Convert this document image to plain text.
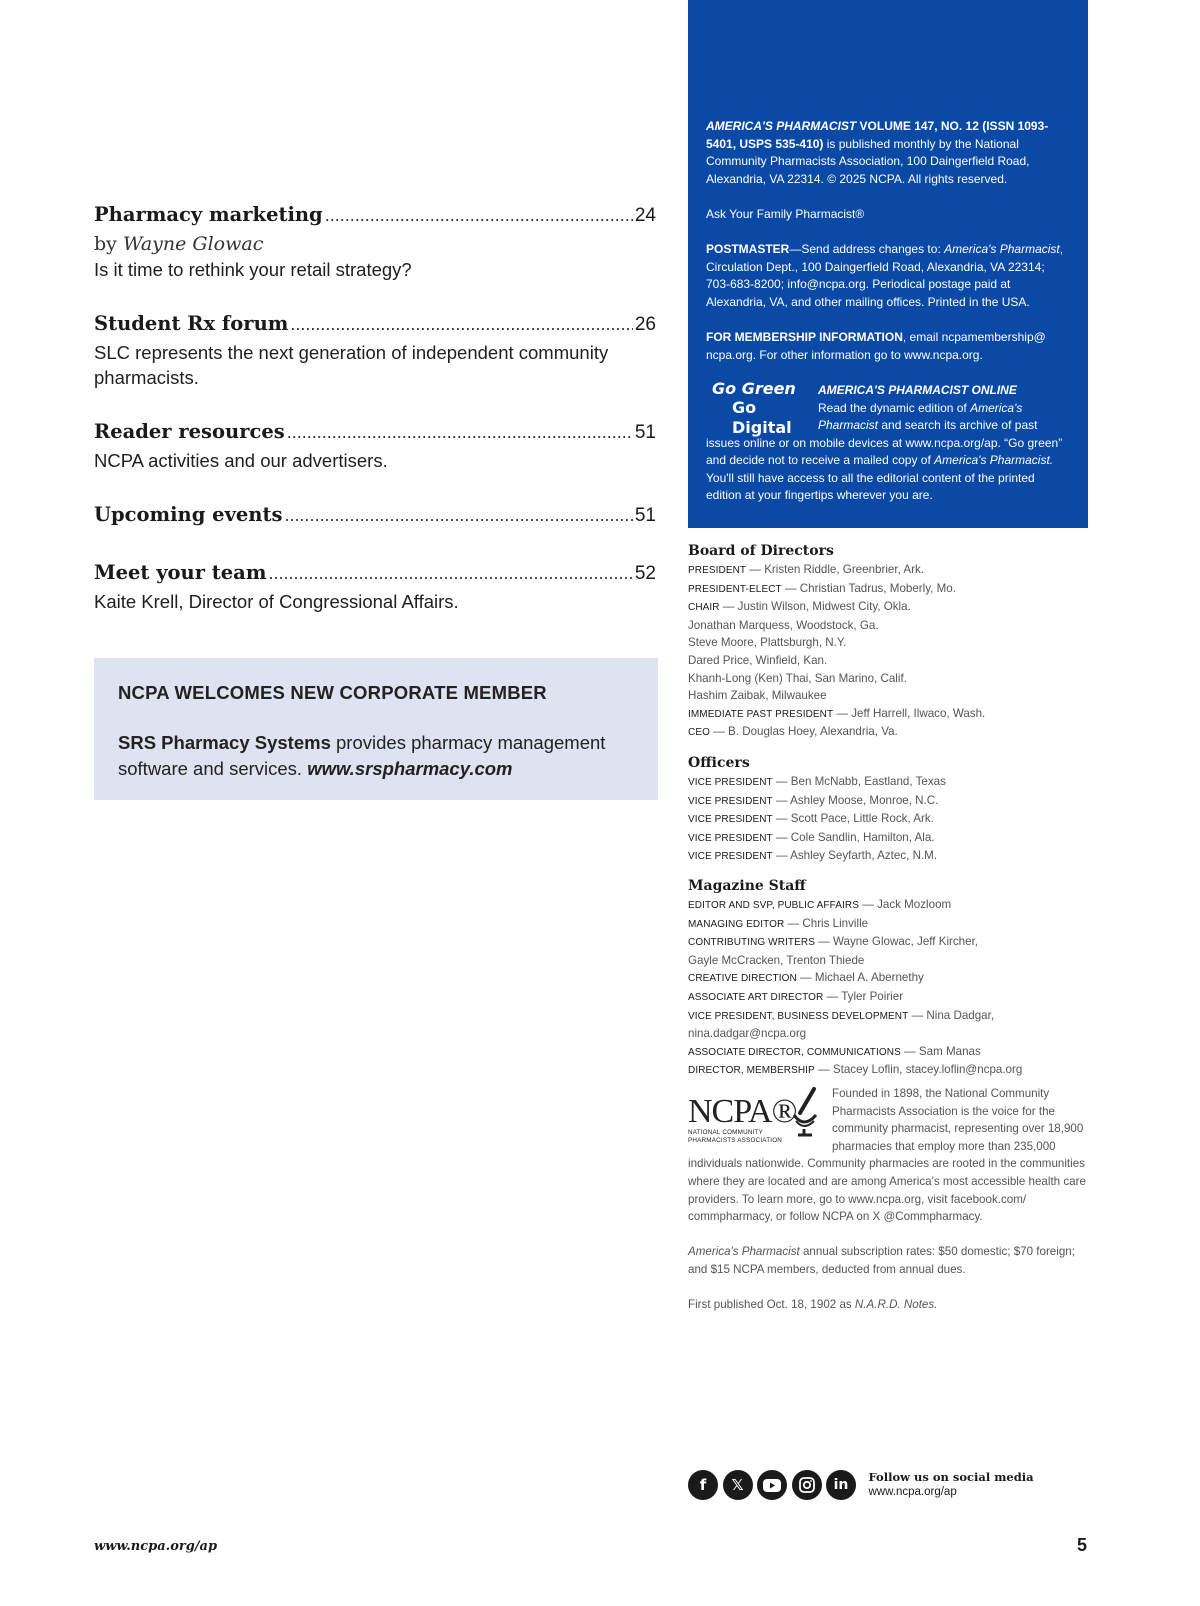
Pharmacy marketing .....	24
by Wayne Glowac
Is it time to rethink your retail strategy?
Student Rx forum .....	26
SLC represents the next generation of independent community pharmacists.
Reader resources .....	51
NCPA activities and our advertisers.
Upcoming events .....	51
Meet your team .....	52
Kaite Krell, Director of Congressional Affairs.
NCPA WELCOMES NEW CORPORATE MEMBER
SRS Pharmacy Systems provides pharmacy management software and services. www.srspharmacy.com

AMERICA'S PHARMACIST VOLUME 147, NO. 12 (ISSN 1093-5401, USPS 535-410) is published monthly by the National Community Pharmacists Association, 100 Daingerfield Road, Alexandria, VA 22314. © 2025 NCPA. All rights reserved.

Ask Your Family Pharmacist®

POSTMASTER—Send address changes to: America's Pharmacist, Circulation Dept., 100 Daingerfield Road, Alexandria, VA 22314; 703-683-8200; info@ncpa.org. Periodical postage paid at Alexandria, VA, and other mailing offices. Printed in the USA.

FOR MEMBERSHIP INFORMATION, email ncpamembership@ ncpa.org. For other information go to www.ncpa.org.

Go Green
Go Digital
AMERICA'S PHARMACIST ONLINE
Read the dynamic edition of America's Pharmacist and search its archive of past issues online or on mobile devices at www.ncpa.org/ap. “Go green” and decide not to receive a mailed copy of America's Pharmacist. You'll still have access to all the editorial content of the printed edition at your fingertips wherever you are.
Board of Directors
PRESIDENT — Kristen Riddle, Greenbrier, Ark.
PRESIDENT-ELECT — Christian Tadrus, Moberly, Mo.
CHAIR — Justin Wilson, Midwest City, Okla.
Jonathan Marquess, Woodstock, Ga.
Steve Moore, Plattsburgh, N.Y.
Dared Price, Winfield, Kan.
Khanh-Long (Ken) Thai, San Marino, Calif.
Hashim Zaibak, Milwaukee
IMMEDIATE PAST PRESIDENT — Jeff Harrell, Ilwaco, Wash.
CEO — B. Douglas Hoey, Alexandria, Va.
Officers
VICE PRESIDENT — Ben McNabb, Eastland, Texas
VICE PRESIDENT — Ashley Moose, Monroe, N.C.
VICE PRESIDENT — Scott Pace, Little Rock, Ark.
VICE PRESIDENT — Cole Sandlin, Hamilton, Ala.
VICE PRESIDENT — Ashley Seyfarth, Aztec, N.M.
Magazine Staff
EDITOR AND SVP, PUBLIC AFFAIRS — Jack Mozloom
MANAGING EDITOR — Chris Linville
CONTRIBUTING WRITERS — Wayne Glowac, Jeff Kircher,
Gayle McCracken, Trenton Thiede
CREATIVE DIRECTION — Michael A. Abernethy
ASSOCIATE ART DIRECTOR — Tyler Poirier
VICE PRESIDENT, BUSINESS DEVELOPMENT — Nina Dadgar,
nina.dadgar@ncpa.org
ASSOCIATE DIRECTOR, COMMUNICATIONS — Sam Manas
DIRECTOR, MEMBERSHIP — Stacey Loflin, stacey.loflin@ncpa.org
NCPA®
NATIONAL COMMUNITY
PHARMACISTS ASSOCIATION
Founded in 1898, the National Community Pharmacists Association is the voice for the community pharmacist, representing over 18,900 pharmacies that employ more than 235,000 individuals nationwide. Community pharmacies are rooted in the communities where they are located and are among America's most accessible health care providers. To learn more, go to www.ncpa.org, visit facebook.com/ commpharmacy, or follow NCPA on X @Commpharmacy.
America's Pharmacist annual subscription rates: $50 domestic; $70 foreign; and $15 NCPA members, deducted from annual dues.
First published Oct. 18, 1902 as N.A.R.D. Notes.
f	𝕏	in	Follow us on social media
www.ncpa.org/ap
www.ncpa.org/ap	5
